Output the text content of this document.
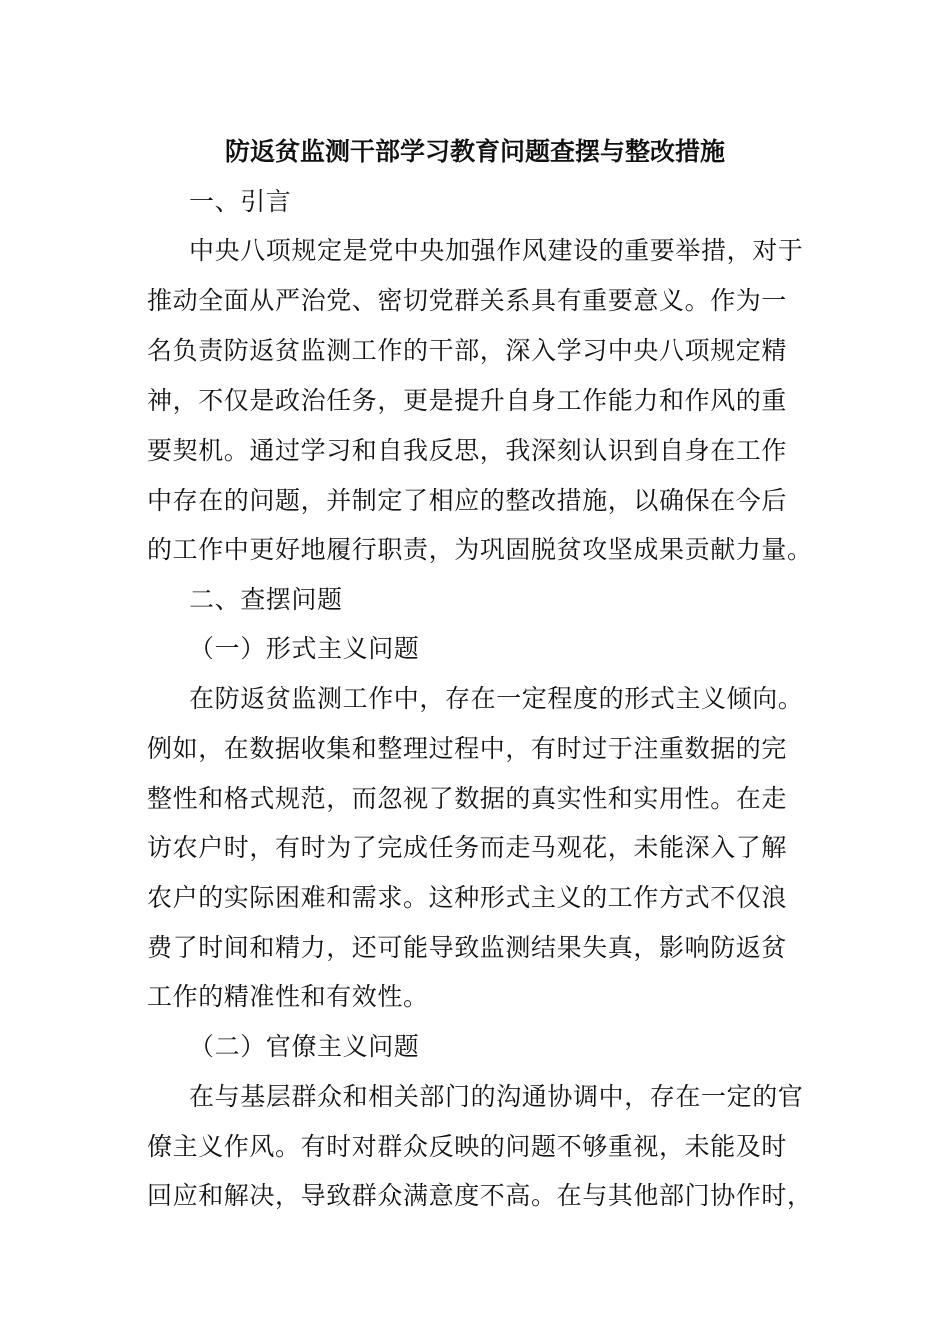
防返贫监测干部学习教育问题查摆与整改措施
一、引言
中央八项规定是党中央加强作风建设的重要举措，对于
推动全面从严治党、密切党群关系具有重要意义。作为一
名负责防返贫监测工作的干部，深入学习中央八项规定精
神，不仅是政治任务，更是提升自身工作能力和作风的重
要契机。通过学习和自我反思，我深刻认识到自身在工作
中存在的问题，并制定了相应的整改措施，以确保在今后
的工作中更好地履行职责，为巩固脱贫攻坚成果贡献力量。
二、查摆问题
（一）形式主义问题
在防返贫监测工作中，存在一定程度的形式主义倾向。
例如，在数据收集和整理过程中，有时过于注重数据的完
整性和格式规范，而忽视了数据的真实性和实用性。在走
访农户时，有时为了完成任务而走马观花，未能深入了解
农户的实际困难和需求。这种形式主义的工作方式不仅浪
费了时间和精力，还可能导致监测结果失真，影响防返贫
工作的精准性和有效性。
（二）官僚主义问题
在与基层群众和相关部门的沟通协调中，存在一定的官
僚主义作风。有时对群众反映的问题不够重视，未能及时
回应和解决，导致群众满意度不高。在与其他部门协作时，
